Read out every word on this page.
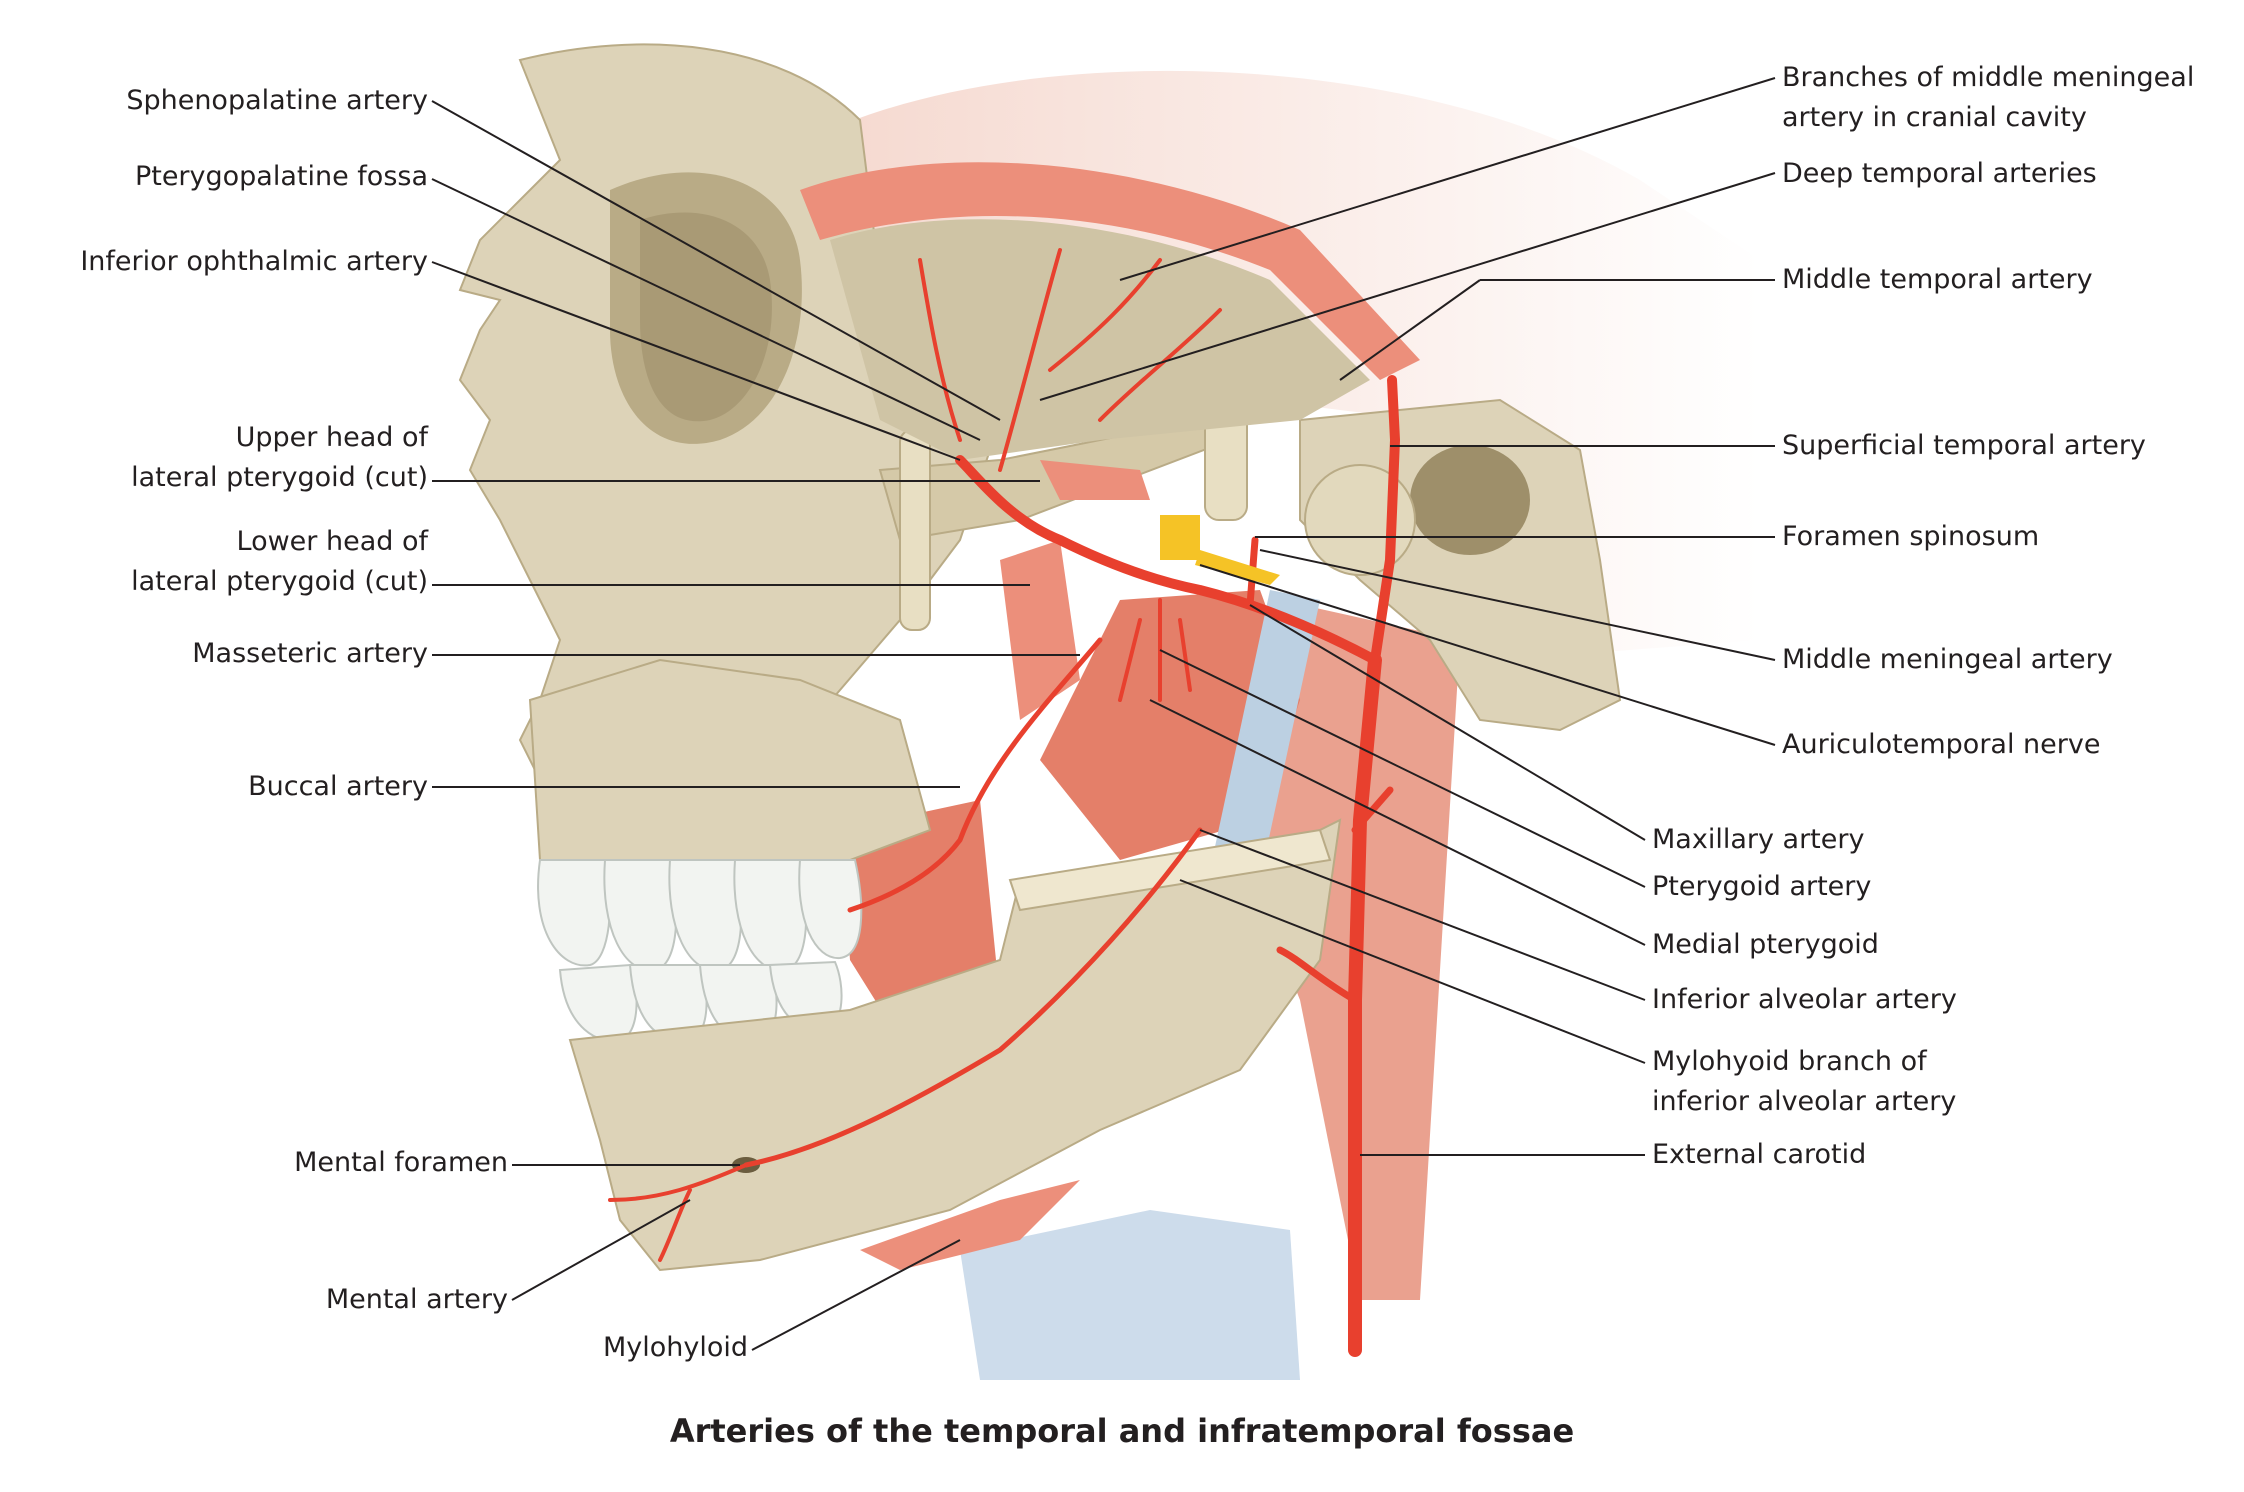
Sphenopalatine artery
Pterygopalatine fossa
Inferior ophthalmic artery
Upper head of
lateral pterygoid (cut)
Lower head of
lateral pterygoid (cut)
Masseteric artery
Buccal artery
Mental foramen
Mental artery
Mylohyloid
Branches of middle meningeal
artery in cranial cavity
Deep temporal arteries
Middle temporal artery
Superficial temporal artery
Foramen spinosum
Middle meningeal artery
Auriculotemporal nerve
Maxillary artery
Pterygoid artery
Medial pterygoid
Inferior alveolar artery
Mylohyoid branch of
inferior alveolar artery
External carotid
Arteries of the temporal and infratemporal fossae
